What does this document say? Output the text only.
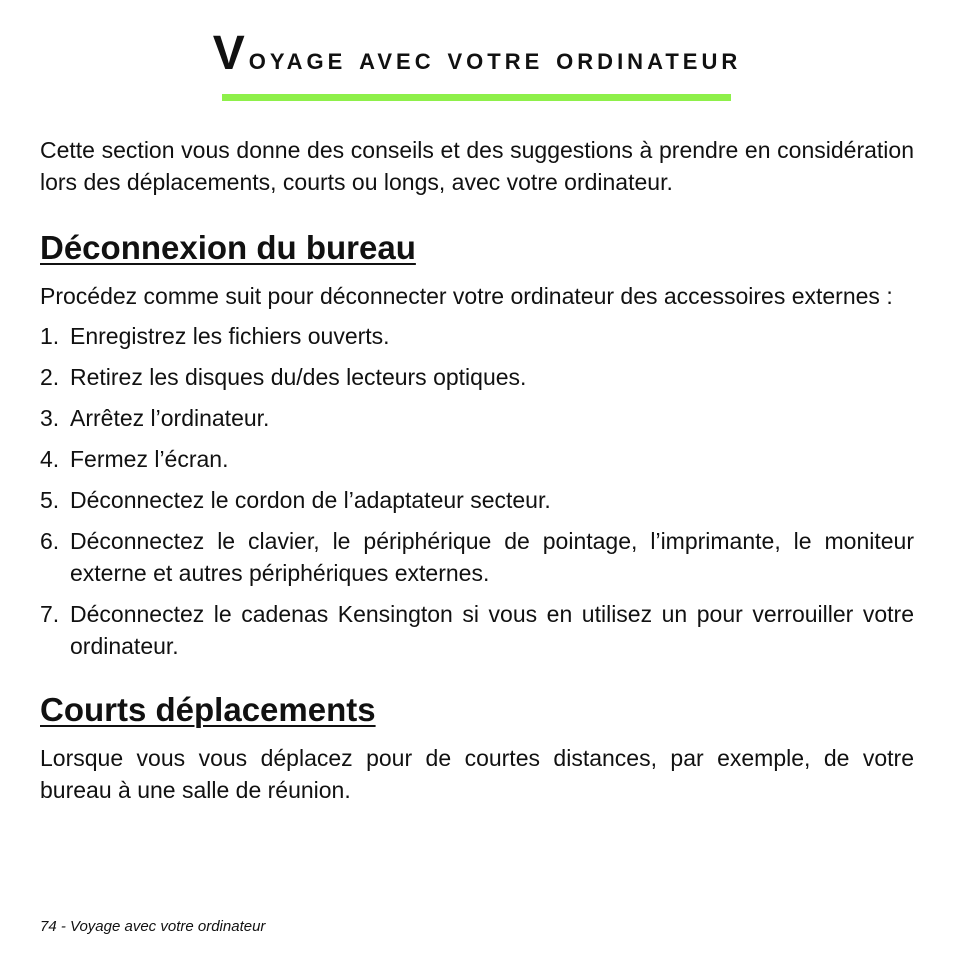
Voyage avec votre ordinateur

Cette section vous donne des conseils et des suggestions à prendre en considération lors des déplacements, courts ou longs, avec votre ordinateur.

Déconnexion du bureau

Procédez comme suit pour déconnecter votre ordinateur des accessoires externes :

1. Enregistrez les fichiers ouverts.
2. Retirez les disques du/des lecteurs optiques.
3. Arrêtez l’ordinateur.
4. Fermez l’écran.
5. Déconnectez le cordon de l’adaptateur secteur.
6. Déconnectez le clavier, le périphérique de pointage, l’imprimante, le moniteur externe et autres périphériques externes.
7. Déconnectez le cadenas Kensington si vous en utilisez un pour verrouiller votre ordinateur.
Courts déplacements

Lorsque vous vous déplacez pour de courtes distances, par exemple, de votre bureau à une salle de réunion.

74 - Voyage avec votre ordinateur
